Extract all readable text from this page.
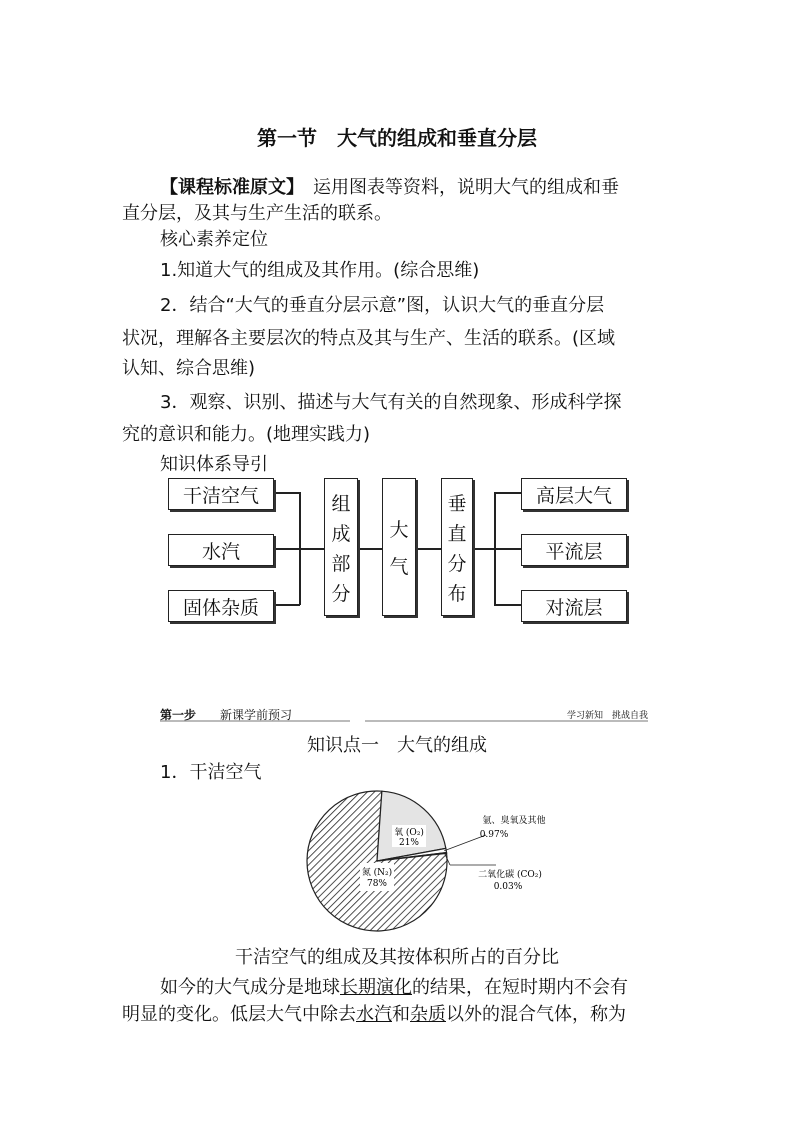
第一节　大气的组成和垂直分层
【课程标准原文】　运用图表等资料，说明大气的组成和垂
直分层，及其与生产生活的联系。
核心素养定位
1.知道大气的组成及其作用。(综合思维)
2．结合“大气的垂直分层示意”图，认识大气的垂直分层
状况，理解各主要层次的特点及其与生产、生活的联系。(区域
认知、综合思维)
3．观察、识别、描述与大气有关的自然现象、形成科学探
究的意识和能力。(地理实践力)
知识体系导引
干洁空气
水汽
固体杂质
组
成
部
分
大
气
垂
直
分
布
高层大气
平流层
对流层
第一步 新课学前预习	学习新知　挑战自我
知识点一　大气的组成
1．干洁空气
氮 (N₂)
78%
氧 (O₂)
21%
氩、臭氧及其他
0.97%
二氧化碳 (CO₂)
0.03%
干洁空气的组成及其按体积所占的百分比
如今的大气成分是地球长期演化的结果，在短时期内不会有
明显的变化。低层大气中除去水汽和杂质以外的混合气体，称为
